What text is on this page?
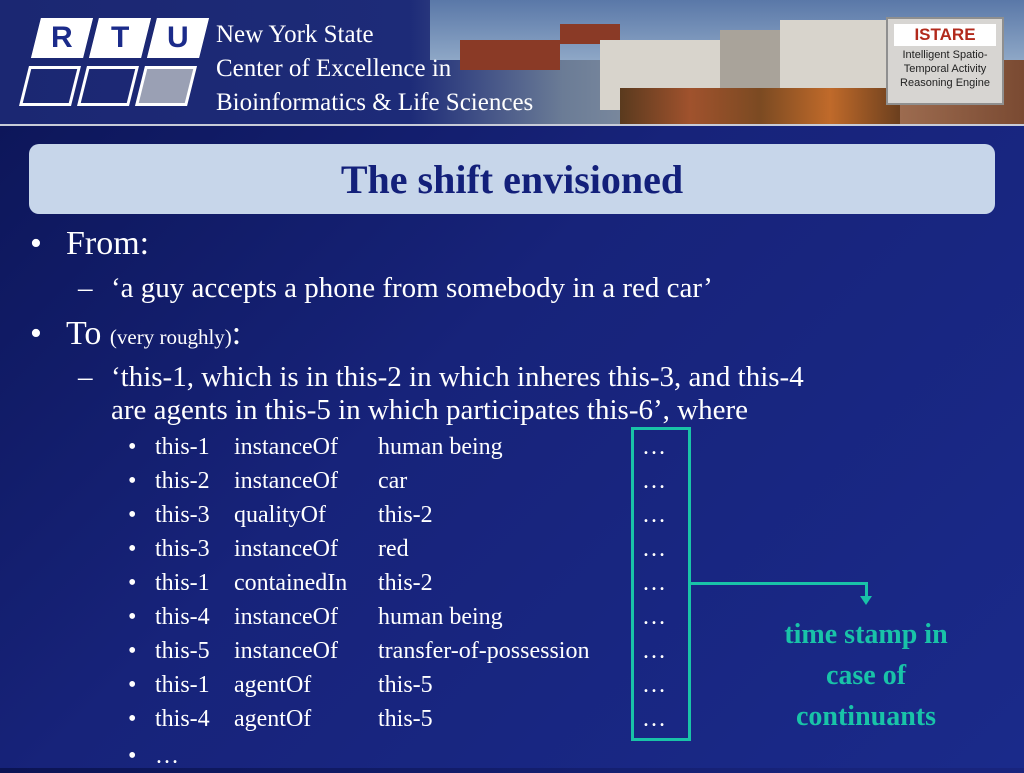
R T U New York State
Center of Excellence in
Bioinformatics & Life Sciences
ISTARE
Intelligent Spatio-
Temporal Activity
Reasoning Engine
The shift envisioned
• From:
– ‘a guy accepts a phone from somebody in a red car’
• To (very roughly):
– ‘this-1, which is in this-2 in which inheres this-3, and this-4
are agents in this-5 in which participates this-6’, where
• this-1 instanceOf human being	…
• this-2 instanceOf car	…
• this-3 qualityOf this-2	…
• this-3 instanceOf red	…
• this-1 containedIn this-2	…
• this-4 instanceOf human being	…
• this-5 instanceOf transfer-of-possession …
• this-1 agentOf	this-5	…
• this-4 agentOf	this-5	…
• …
time stamp in
case of
continuants
